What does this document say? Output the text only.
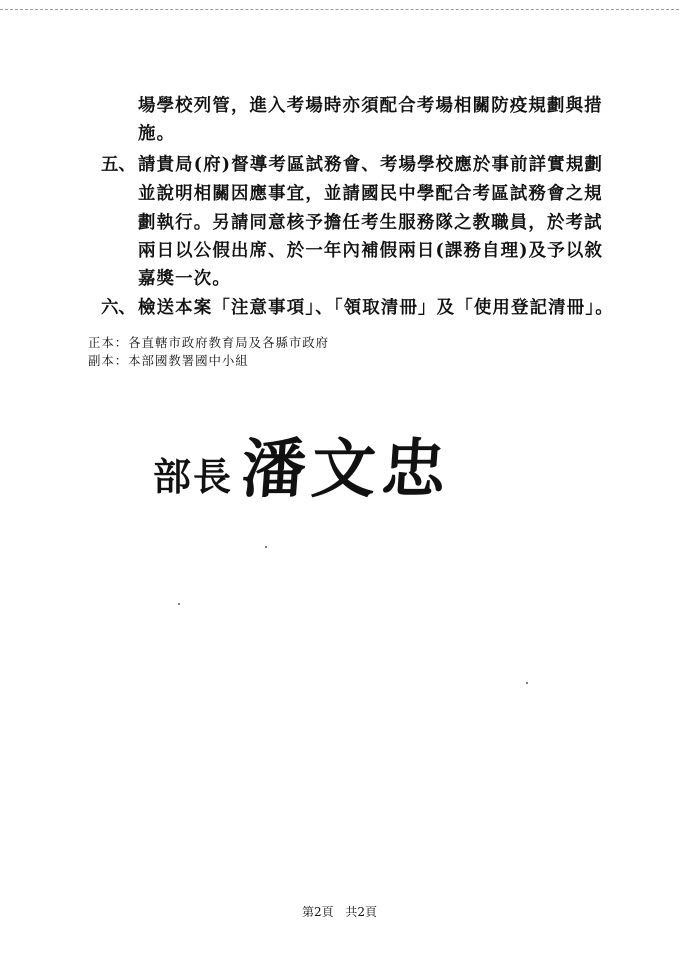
場學校列管，進入考場時亦須配合考場相關防疫規劃與措
施。
五、 請貴局(府)督導考區試務會、考場學校應於事前詳實規劃
並說明相關因應事宜，並請國民中學配合考區試務會之規
劃執行。另請同意核予擔任考生服務隊之教職員，於考試
兩日以公假出席、於一年內補假兩日(課務自理)及予以敘
嘉獎一次。
六、 檢送本案「注意事項」、「領取清冊」及「使用登記清冊」。
正本：各直轄市政府教育局及各縣市政府
副本：本部國教署國中小組
部長 潘文忠
第2頁 共2頁
